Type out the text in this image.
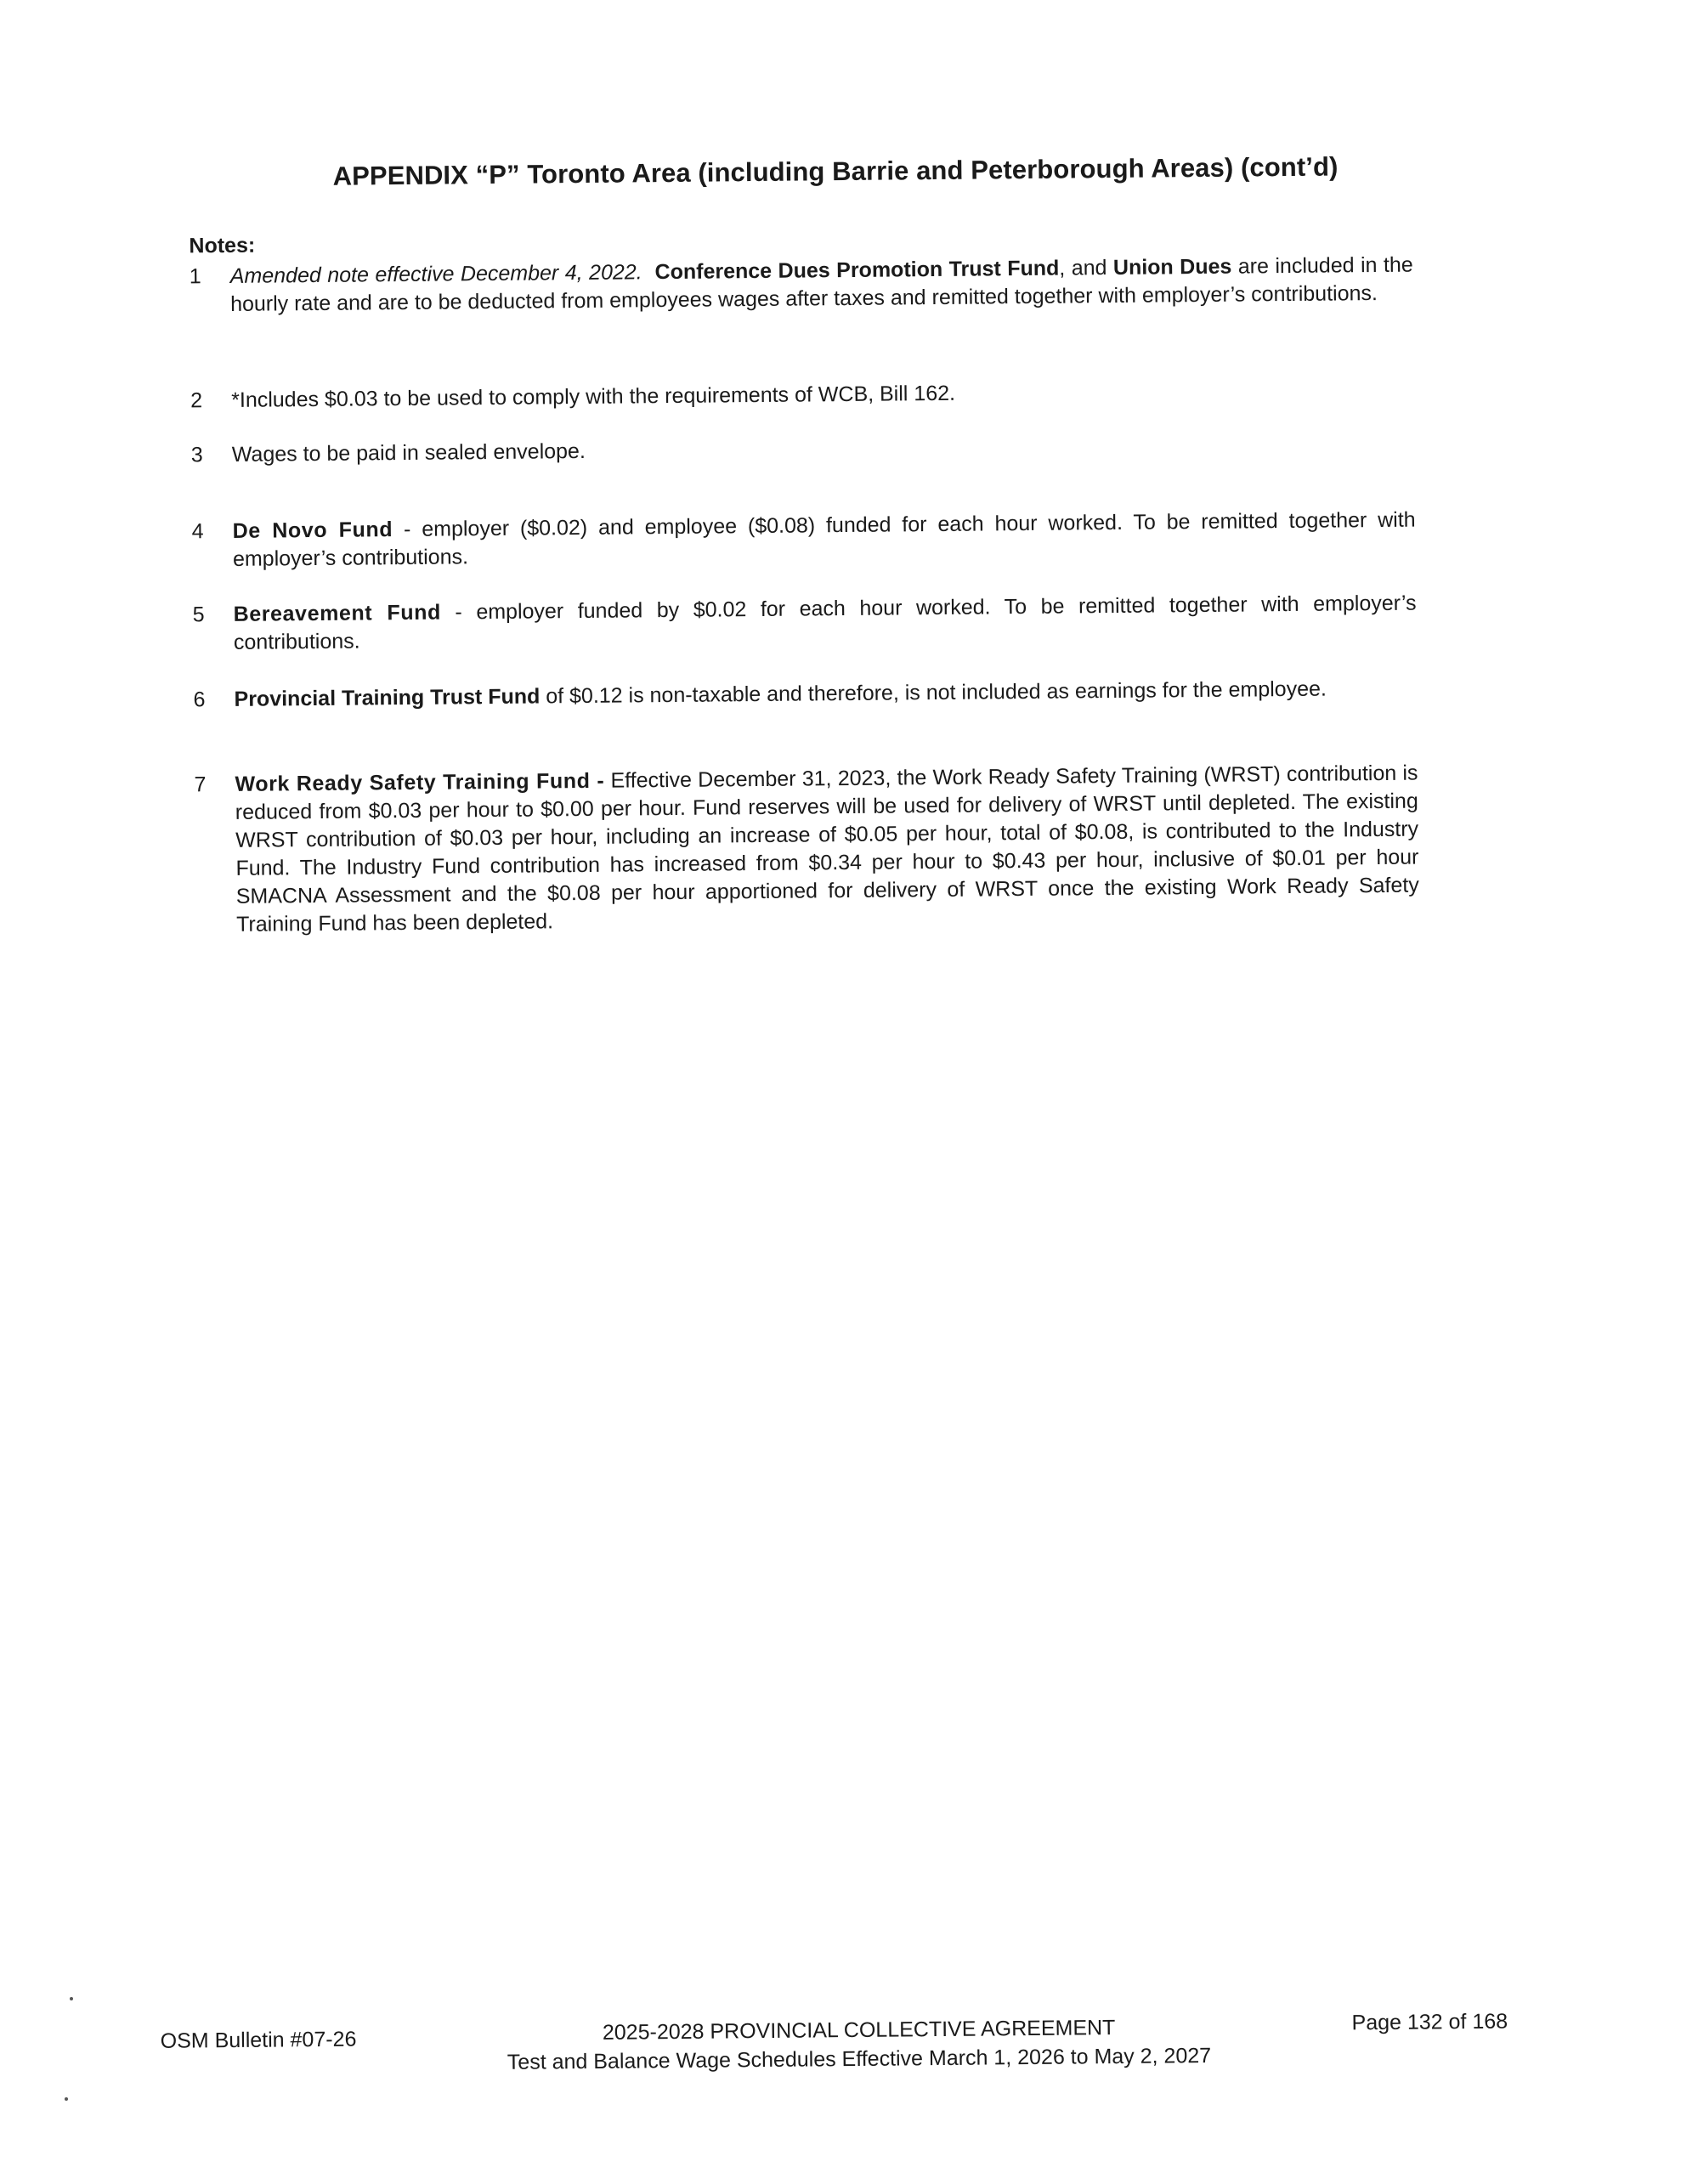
APPENDIX “P” Toronto Area (including Barrie and Peterborough Areas) (cont’d)
Notes:
1	Amended note effective December 4, 2022. Conference Dues Promotion Trust Fund, and Union Dues are included in the hourly rate and are to be deducted from employees wages after taxes and remitted together with employer’s contributions.
2	*Includes $0.03 to be used to comply with the requirements of WCB, Bill 162.
3	Wages to be paid in sealed envelope.
4	De Novo Fund - employer ($0.02) and employee ($0.08) funded for each hour worked. To be remitted together with employer’s contributions.
5	Bereavement Fund - employer funded by $0.02 for each hour worked. To be remitted together with employer’s contributions.
6	Provincial Training Trust Fund of $0.12 is non-taxable and therefore, is not included as earnings for the employee.
7	Work Ready Safety Training Fund - Effective December 31, 2023, the Work Ready Safety Training (WRST) contribution is reduced from $0.03 per hour to $0.00 per hour. Fund reserves will be used for delivery of WRST until depleted. The existing WRST contribution of $0.03 per hour, including an increase of $0.05 per hour, total of $0.08, is contributed to the Industry Fund. The Industry Fund contribution has increased from $0.34 per hour to $0.43 per hour, inclusive of $0.01 per hour SMACNA Assessment and the $0.08 per hour apportioned for delivery of WRST once the existing Work Ready Safety Training Fund has been depleted.
OSM Bulletin #07-26	2025-2028 PROVINCIAL COLLECTIVE AGREEMENT
Test and Balance Wage Schedules Effective March 1, 2026 to May 2, 2027
Page 132 of 168
